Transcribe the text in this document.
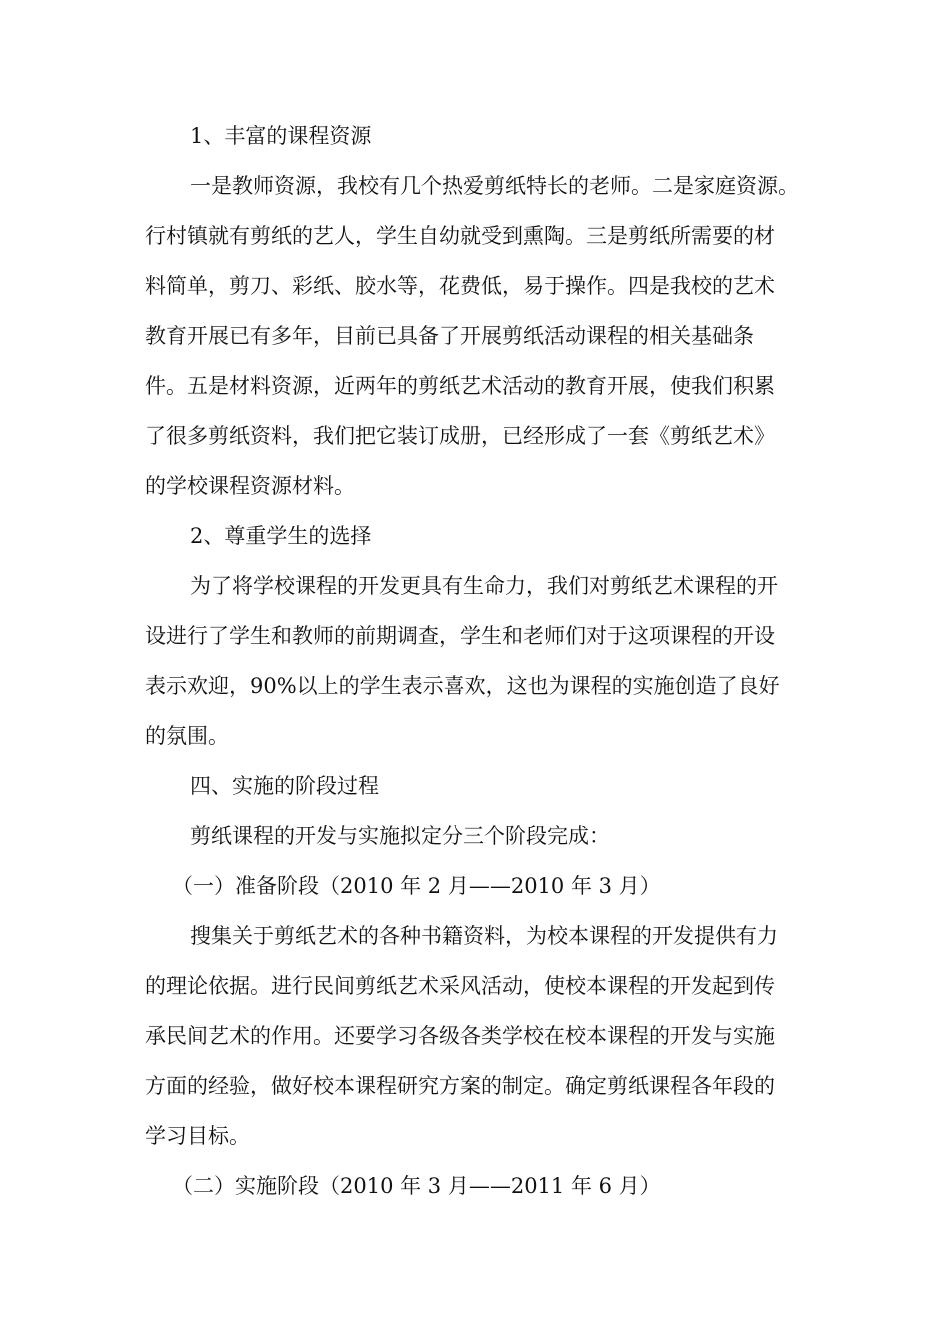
1、丰富的课程资源
一是教师资源，我校有几个热爱剪纸特长的老师。二是家庭资源。
行村镇就有剪纸的艺人，学生自幼就受到熏陶。三是剪纸所需要的材
料简单，剪刀、彩纸、胶水等，花费低，易于操作。四是我校的艺术
教育开展已有多年，目前已具备了开展剪纸活动课程的相关基础条
件。五是材料资源，近两年的剪纸艺术活动的教育开展，使我们积累
了很多剪纸资料，我们把它装订成册，已经形成了一套《剪纸艺术》
的学校课程资源材料。
2、尊重学生的选择
为了将学校课程的开发更具有生命力，我们对剪纸艺术课程的开
设进行了学生和教师的前期调查，学生和老师们对于这项课程的开设
表示欢迎，90%以上的学生表示喜欢，这也为课程的实施创造了良好
的氛围。
四、实施的阶段过程
剪纸课程的开发与实施拟定分三个阶段完成：
（一）准备阶段（2010 年 2 月——2010 年 3 月）
搜集关于剪纸艺术的各种书籍资料，为校本课程的开发提供有力
的理论依据。进行民间剪纸艺术采风活动，使校本课程的开发起到传
承民间艺术的作用。还要学习各级各类学校在校本课程的开发与实施
方面的经验，做好校本课程研究方案的制定。确定剪纸课程各年段的
学习目标。
（二）实施阶段（2010 年 3 月——2011 年 6 月）
